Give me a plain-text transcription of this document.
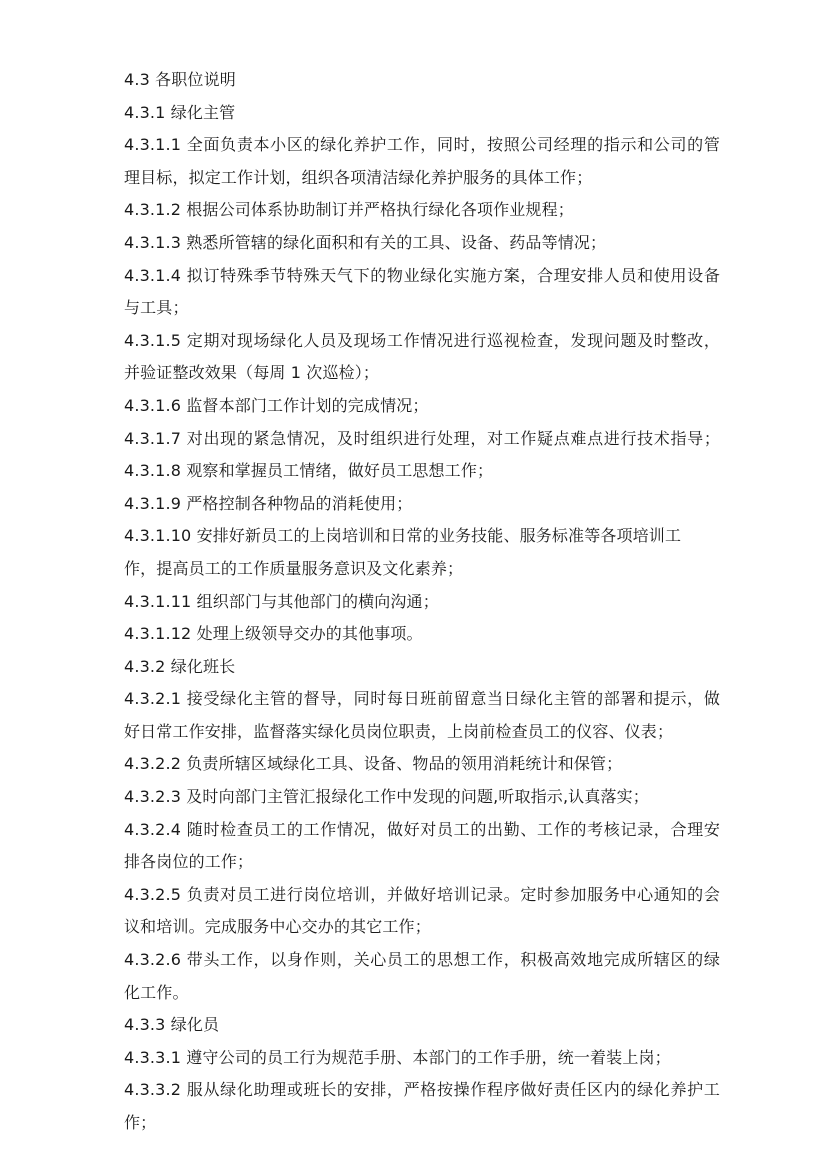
4.3 各职位说明
4.3.1 绿化主管
4.3.1.1 全面负责本小区的绿化养护工作，同时，按照公司经理的指示和公司的管
理目标，拟定工作计划，组织各项清洁绿化养护服务的具体工作；
4.3.1.2 根据公司体系协助制订并严格执行绿化各项作业规程；
4.3.1.3 熟悉所管辖的绿化面积和有关的工具、设备、药品等情况；
4.3.1.4 拟订特殊季节特殊天气下的物业绿化实施方案，合理安排人员和使用设备
与工具；
4.3.1.5 定期对现场绿化人员及现场工作情况进行巡视检查，发现问题及时整改，
并验证整改效果（每周 1 次巡检）；
4.3.1.6 监督本部门工作计划的完成情况；
4.3.1.7 对出现的紧急情况，及时组织进行处理，对工作疑点难点进行技术指导；
4.3.1.8 观察和掌握员工情绪，做好员工思想工作；
4.3.1.9 严格控制各种物品的消耗使用；
4.3.1.10 安排好新员工的上岗培训和日常的业务技能、服务标准等各项培训工
作，提高员工的工作质量服务意识及文化素养；
4.3.1.11 组织部门与其他部门的横向沟通；
4.3.1.12 处理上级领导交办的其他事项。
4.3.2 绿化班长
4.3.2.1 接受绿化主管的督导，同时每日班前留意当日绿化主管的部署和提示，做
好日常工作安排，监督落实绿化员岗位职责，上岗前检查员工的仪容、仪表；
4.3.2.2 负责所辖区域绿化工具、设备、物品的领用消耗统计和保管；
4.3.2.3 及时向部门主管汇报绿化工作中发现的问题,听取指示,认真落实；
4.3.2.4 随时检查员工的工作情况，做好对员工的出勤、工作的考核记录，合理安
排各岗位的工作；
4.3.2.5 负责对员工进行岗位培训，并做好培训记录。定时参加服务中心通知的会
议和培训。完成服务中心交办的其它工作；
4.3.2.6 带头工作，以身作则，关心员工的思想工作，积极高效地完成所辖区的绿
化工作。
4.3.3 绿化员
4.3.3.1 遵守公司的员工行为规范手册、本部门的工作手册，统一着装上岗；
4.3.3.2 服从绿化助理或班长的安排，严格按操作程序做好责任区内的绿化养护工
作；
